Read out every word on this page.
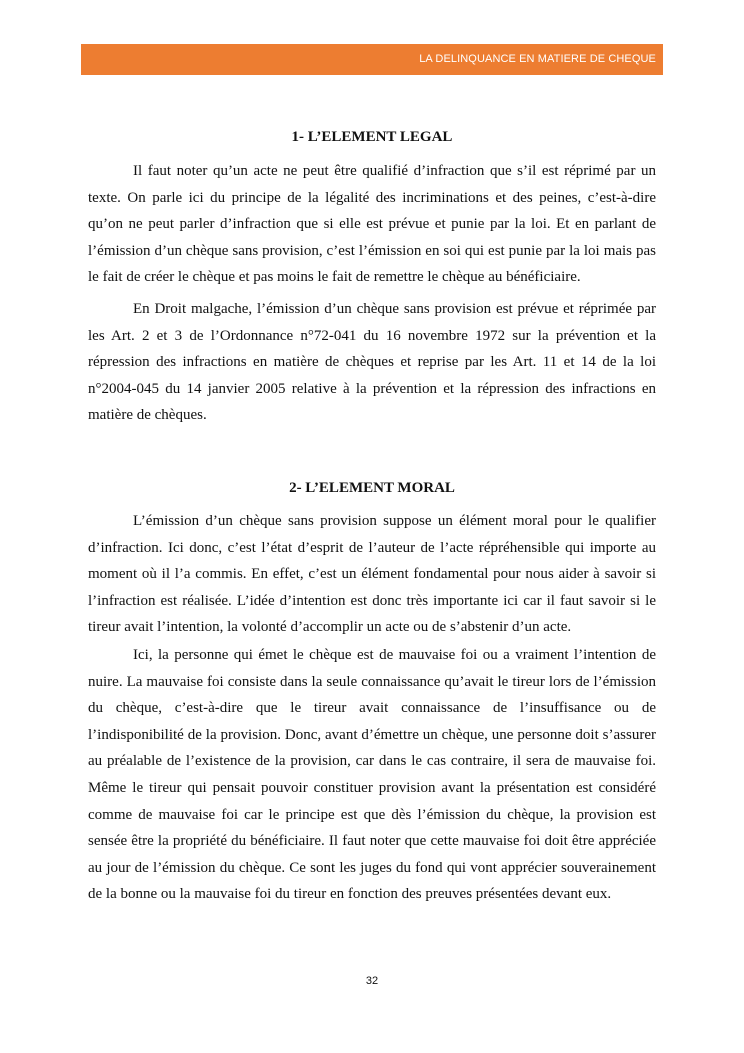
LA DELINQUANCE EN MATIERE DE CHEQUE
1- L’ELEMENT LEGAL
Il faut noter qu’un acte ne peut être qualifié d’infraction que s’il est réprimé par un
texte. On parle ici du principe de la légalité des incriminations et des peines, c’est-à-dire
qu’on ne peut parler d’infraction que si elle est prévue et punie par la loi. Et en parlant de
l’émission d’un chèque sans provision, c’est l’émission en soi qui est punie par la loi mais pas
le fait de créer le chèque et pas moins le fait de remettre le chèque au bénéficiaire.
En Droit malgache, l’émission d’un chèque sans provision est prévue et réprimée par
les Art. 2 et 3 de l’Ordonnance n°72-041 du 16 novembre 1972 sur la prévention et la
répression des infractions en matière de chèques et reprise par les Art. 11 et 14 de la loi
n°2004-045 du 14 janvier 2005 relative à la prévention et la répression des infractions en
matière de chèques.
2- L’ELEMENT MORAL
L’émission d’un chèque sans provision suppose un élément moral pour le qualifier
d’infraction. Ici donc, c’est l’état d’esprit de l’auteur de l’acte répréhensible qui importe au
moment où il l’a commis. En effet, c’est un élément fondamental pour nous aider à savoir si
l’infraction est réalisée. L’idée d’intention est donc très importante ici car il faut savoir si le
tireur avait l’intention, la volonté d’accomplir un acte ou de s’abstenir d’un acte.
Ici, la personne qui émet le chèque est de mauvaise foi ou a vraiment l’intention de
nuire. La mauvaise foi consiste dans la seule connaissance qu’avait le tireur lors de l’émission
du chèque, c’est-à-dire que le tireur avait connaissance de l’insuffisance ou de
l’indisponibilité de la provision. Donc, avant d’émettre un chèque, une personne doit s’assurer
au préalable de l’existence de la provision, car dans le cas contraire, il sera de mauvaise foi.
Même le tireur qui pensait pouvoir constituer provision avant la présentation est considéré
comme de mauvaise foi car le principe est que dès l’émission du chèque, la provision est
sensée être la propriété du bénéficiaire. Il faut noter que cette mauvaise foi doit être appréciée
au jour de l’émission du chèque. Ce sont les juges du fond qui vont apprécier souverainement
de la bonne ou la mauvaise foi du tireur en fonction des preuves présentées devant eux.
32
